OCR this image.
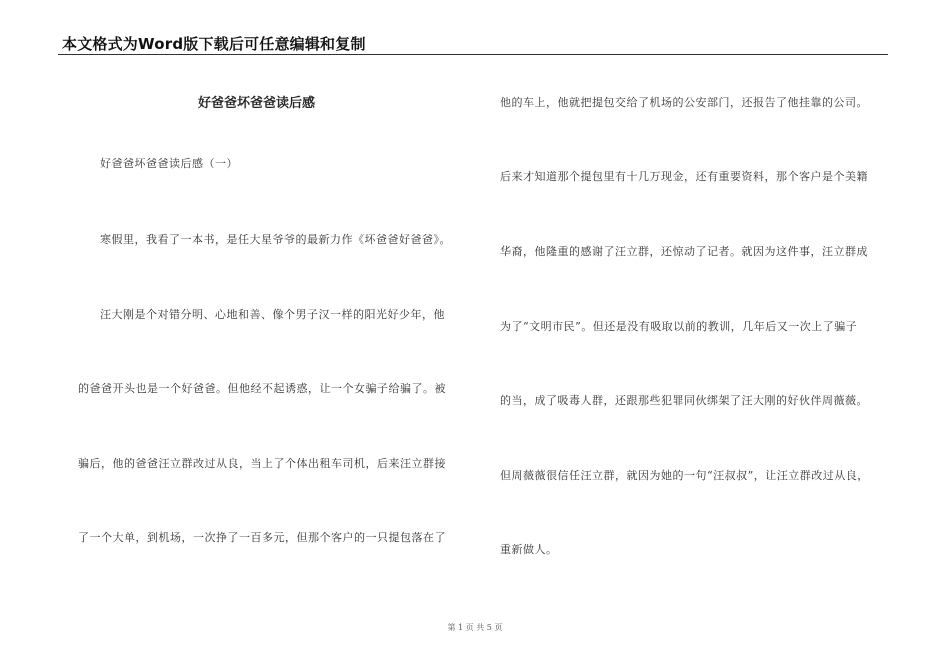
本文格式为Word版下载后可任意编辑和复制
好爸爸坏爸爸读后感
好爸爸坏爸爸读后感（一）
寒假里，我看了一本书，是任大星爷爷的最新力作《坏爸爸好爸爸》。
汪大刚是个对错分明、心地和善、像个男子汉一样的阳光好少年，他
的爸爸开头也是一个好爸爸。但他经不起诱惑，让一个女骗子给骗了。被
骗后，他的爸爸汪立群改过从良，当上了个体出租车司机，后来汪立群接
了一个大单，到机场，一次挣了一百多元，但那个客户的一只提包落在了
他的车上，他就把提包交给了机场的公安部门，还报告了他挂靠的公司。
后来才知道那个提包里有十几万现金，还有重要资料，那个客户是个美籍
华裔，他隆重的感谢了汪立群，还惊动了记者。就因为这件事，汪立群成
为了“文明市民”。但还是没有吸取以前的教训，几年后又一次上了骗子
的当，成了吸毒人群，还跟那些犯罪同伙绑架了汪大刚的好伙伴周薇薇。
但周薇薇很信任汪立群，就因为她的一句“汪叔叔”，让汪立群改过从良，
重新做人。
第 1 页 共 5 页
